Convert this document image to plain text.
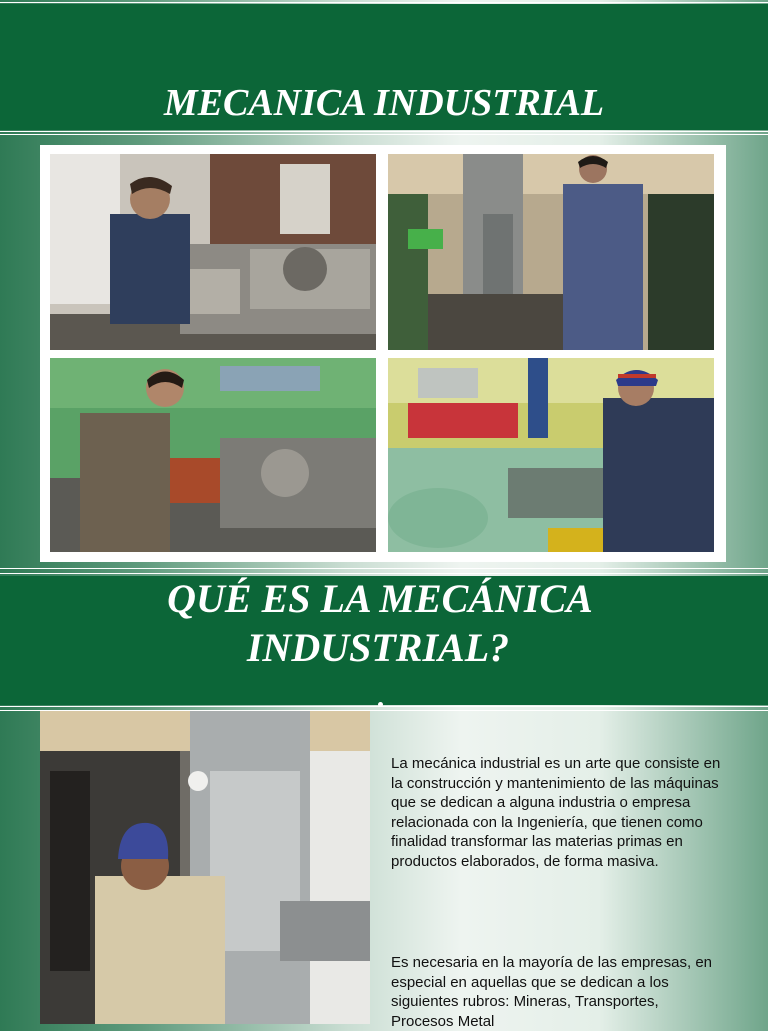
MECANICA INDUSTRIAL
QUÉ ES LA MECÁNICA
INDUSTRIAL?

La mecánica industrial es un arte que consiste en la construcción y mantenimiento de las máquinas que se dedican a alguna industria o empresa relacionada con la Ingeniería, que tienen como finalidad transformar las materias primas en productos elaborados, de forma masiva.

Es necesaria en la mayoría de las empresas, en especial en aquellas que se dedican a los siguientes rubros: Mineras, Transportes, Procesos Metal
